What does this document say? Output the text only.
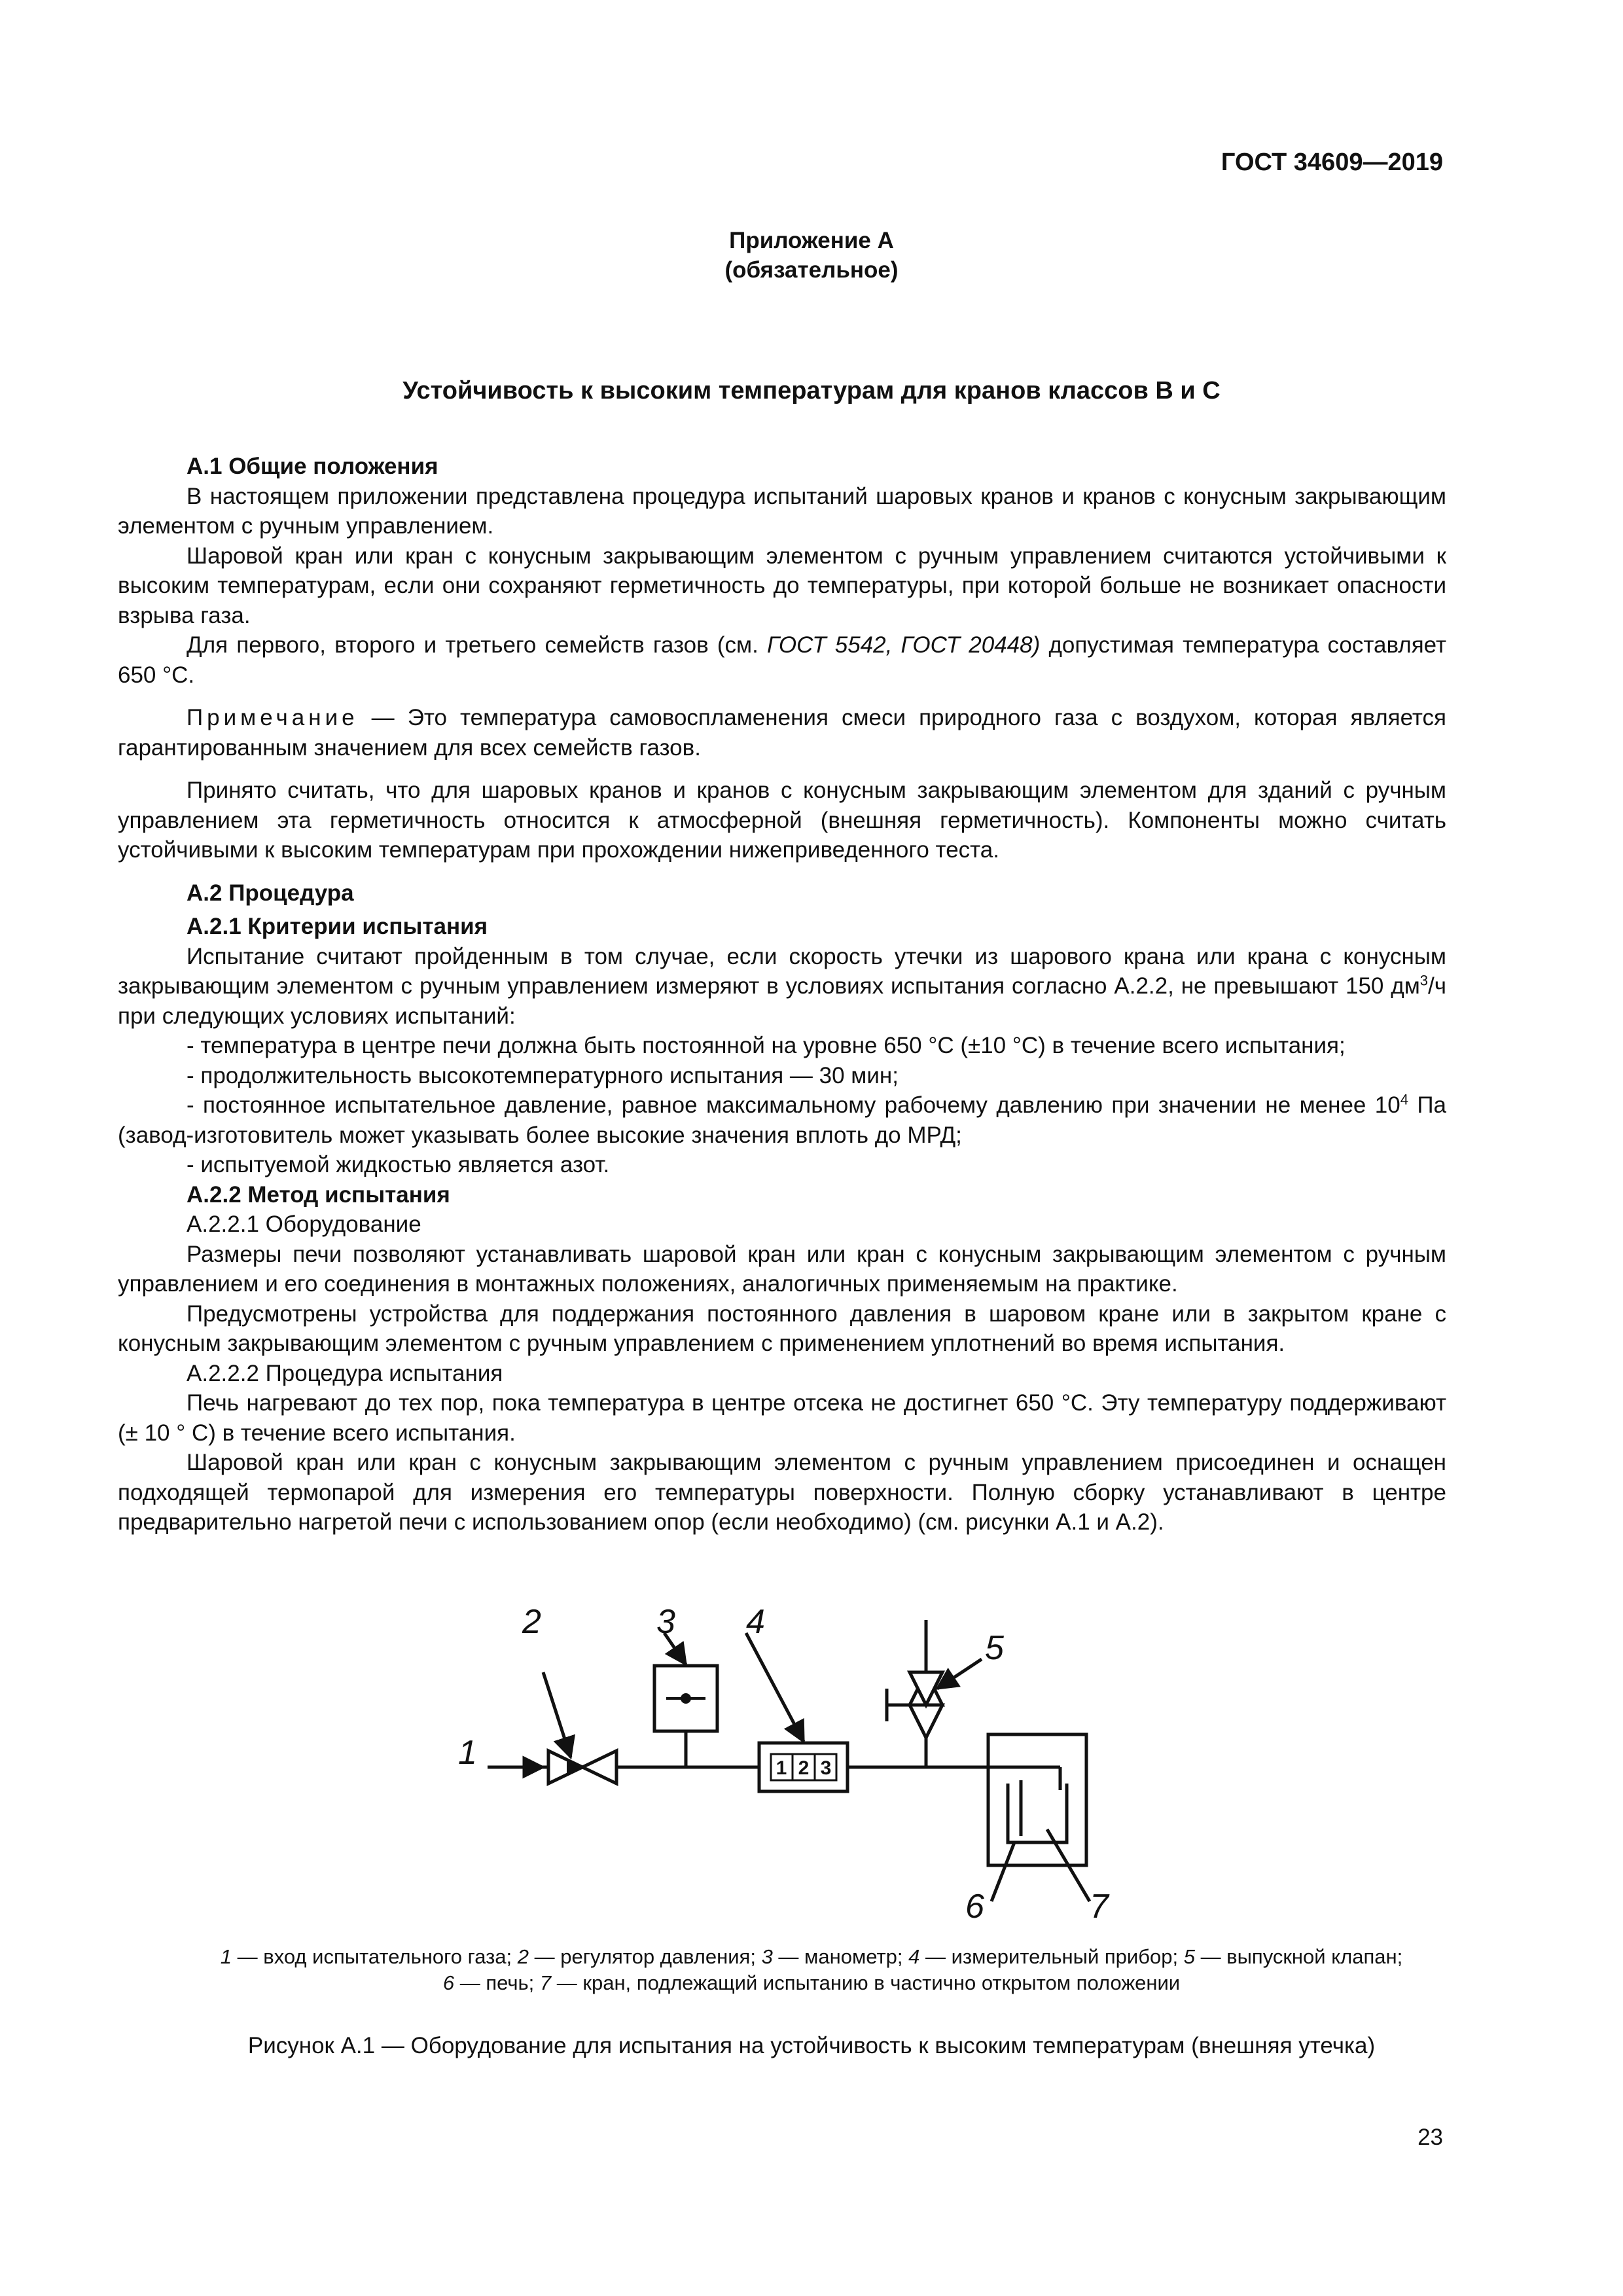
ГОСТ 34609—2019
Приложение А
(обязательное)
Устойчивость к высоким температурам для кранов классов В и С

А.1 Общие положения

В настоящем приложении представлена процедура испытаний шаровых кранов и кранов с конусным закрывающим элементом с ручным управлением.

Шаровой кран или кран с конусным закрывающим элементом с ручным управлением считаются устойчивыми к высоким температурам, если они сохраняют герметичность до температуры, при которой больше не возникает опасности взрыва газа.

Для первого, второго и третьего семейств газов (см. ГОСТ 5542, ГОСТ 20448) допустимая температура составляет 650 °С.

Примечание — Это температура самовоспламенения смеси природного газа с воздухом, которая является гарантированным значением для всех семейств газов.

Принято считать, что для шаровых кранов и кранов с конусным закрывающим элементом для зданий с ручным управлением эта герметичность относится к атмосферной (внешняя герметичность). Компоненты можно считать устойчивыми к высоким температурам при прохождении нижеприведенного теста.

А.2 Процедура

А.2.1 Критерии испытания

Испытание считают пройденным в том случае, если скорость утечки из шарового крана или крана с конусным закрывающим элементом с ручным управлением измеряют в условиях испытания согласно А.2.2, не превышают 150 $дм^3/ч$ при следующих условиях испытаний:

- температура в центре печи должна быть постоянной на уровне 650 °С (±10 °С) в течение всего испытания;

- продолжительность высокотемпературного испытания — 30 мин;

- постоянное испытательное давление, равное максимальному рабочему давлению при значении не менее $10^4$ Па (завод-изготовитель может указывать более высокие значения вплоть до МРД;

- испытуемой жидкостью является азот.

А.2.2 Метод испытания

А.2.2.1 Оборудование

Размеры печи позволяют устанавливать шаровой кран или кран с конусным закрывающим элементом с ручным управлением и его соединения в монтажных положениях, аналогичных применяемым на практике.

Предусмотрены устройства для поддержания постоянного давления в шаровом кране или в закрытом кране с конусным закрывающим элементом с ручным управлением с применением уплотнений во время испытания.

А.2.2.2 Процедура испытания

Печь нагревают до тех пор, пока температура в центре отсека не достигнет 650 °С. Эту температуру поддерживают (± 10 ° С) в течение всего испытания.

Шаровой кран или кран с конусным закрывающим элементом с ручным управлением присоединен и оснащен подходящей термопарой для измерения его температуры поверхности. Полную сборку устанавливают в центре предварительно нагретой печи с использованием опор (если необходимо) (см. рисунки А.1 и А.2).

1
2	3 4
5
6	7
1 2 3
1 — вход испытательного газа; 2 — регулятор давления; 3 — манометр; 4 — измерительный прибор; 5 — выпускной клапан;
6 — печь; 7 — кран, подлежащий испытанию в частично открытом положении
Рисунок А.1 — Оборудование для испытания на устойчивость к высоким температурам (внешняя утечка)
23
